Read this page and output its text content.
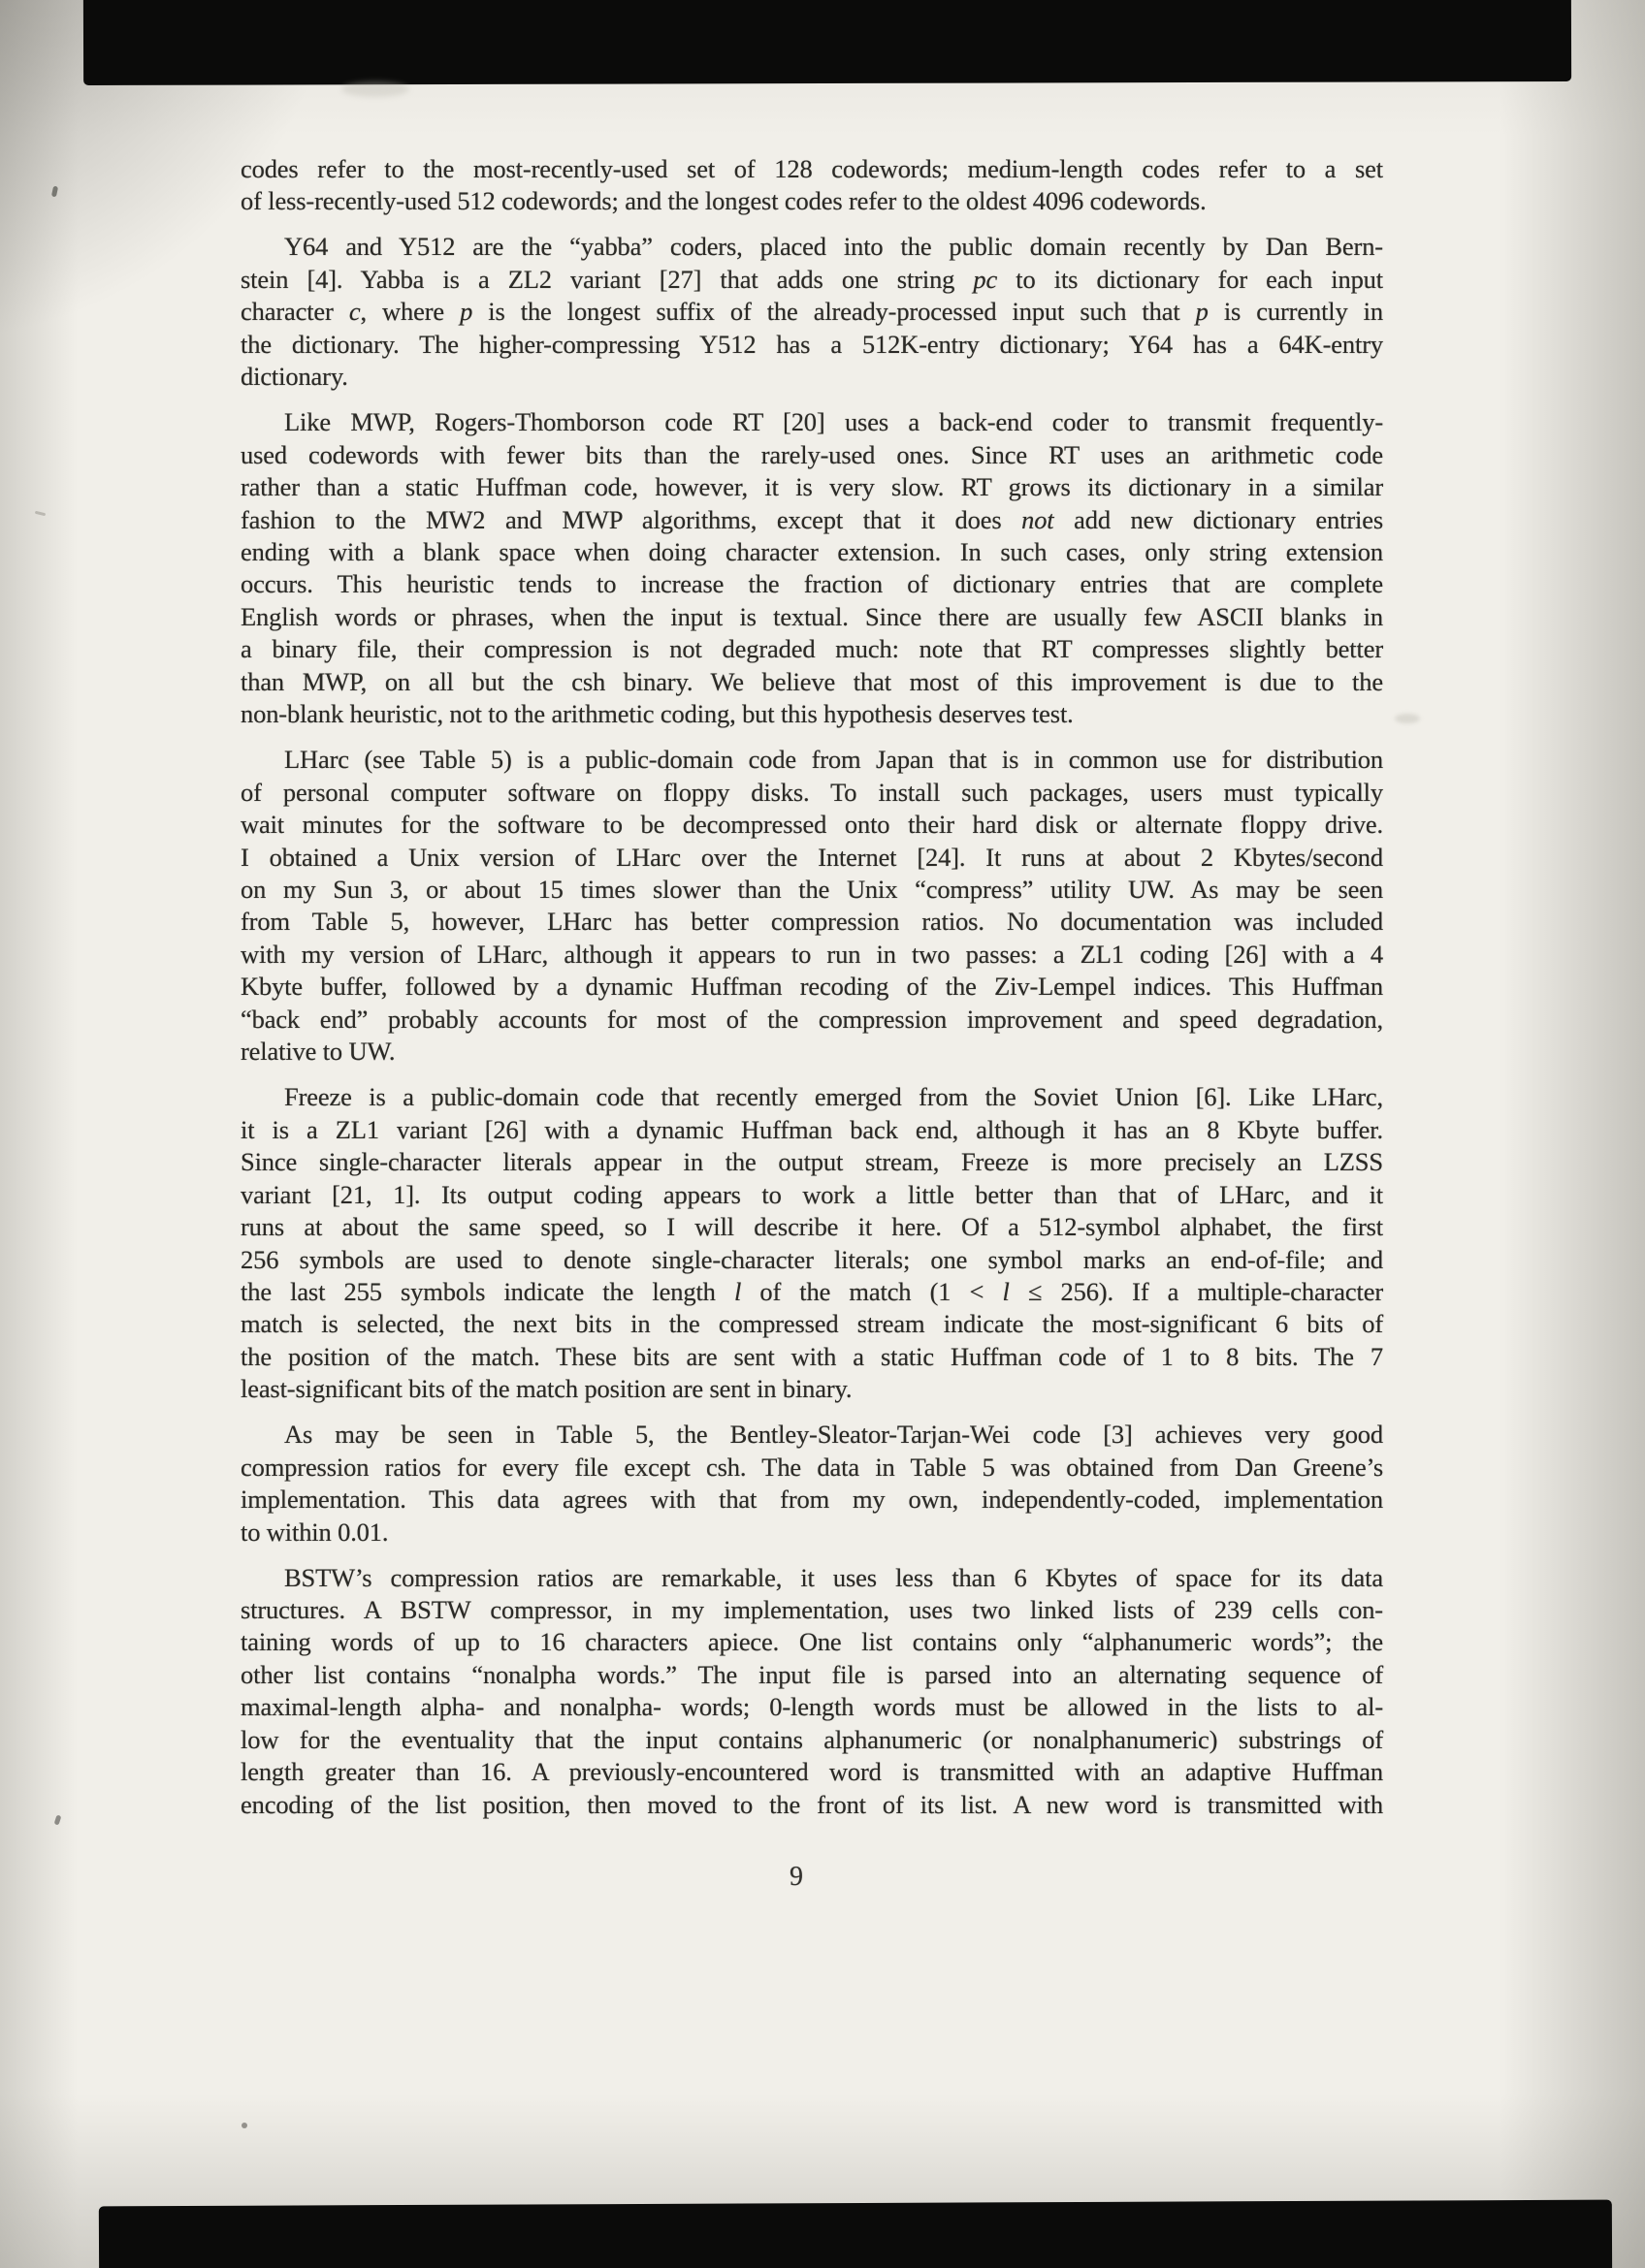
codes refer to the most-recently-used set of 128 codewords; medium-length codes refer to a set
of less-recently-used 512 codewords; and the longest codes refer to the oldest 4096 codewords.
Y64 and Y512 are the “yabba” coders, placed into the public domain recently by Dan Bern-
stein [4]. Yabba is a ZL2 variant [27] that adds one string pc to its dictionary for each input
character c, where p is the longest suffix of the already-processed input such that p is currently in
the dictionary. The higher-compressing Y512 has a 512K-entry dictionary; Y64 has a 64K-entry
dictionary.
Like MWP, Rogers-Thomborson code RT [20] uses a back-end coder to transmit frequently-
used codewords with fewer bits than the rarely-used ones. Since RT uses an arithmetic code
rather than a static Huffman code, however, it is very slow. RT grows its dictionary in a similar
fashion to the MW2 and MWP algorithms, except that it does not add new dictionary entries
ending with a blank space when doing character extension. In such cases, only string extension
occurs. This heuristic tends to increase the fraction of dictionary entries that are complete
English words or phrases, when the input is textual. Since there are usually few ASCII blanks in
a binary file, their compression is not degraded much: note that RT compresses slightly better
than MWP, on all but the csh binary. We believe that most of this improvement is due to the
non-blank heuristic, not to the arithmetic coding, but this hypothesis deserves test.
LHarc (see Table 5) is a public-domain code from Japan that is in common use for distribution
of personal computer software on floppy disks. To install such packages, users must typically
wait minutes for the software to be decompressed onto their hard disk or alternate floppy drive.
I obtained a Unix version of LHarc over the Internet [24]. It runs at about 2 Kbytes/second
on my Sun 3, or about 15 times slower than the Unix “compress” utility UW. As may be seen
from Table 5, however, LHarc has better compression ratios. No documentation was included
with my version of LHarc, although it appears to run in two passes: a ZL1 coding [26] with a 4
Kbyte buffer, followed by a dynamic Huffman recoding of the Ziv-Lempel indices. This Huffman
“back end” probably accounts for most of the compression improvement and speed degradation,
relative to UW.
Freeze is a public-domain code that recently emerged from the Soviet Union [6]. Like LHarc,
it is a ZL1 variant [26] with a dynamic Huffman back end, although it has an 8 Kbyte buffer.
Since single-character literals appear in the output stream, Freeze is more precisely an LZSS
variant [21, 1]. Its output coding appears to work a little better than that of LHarc, and it
runs at about the same speed, so I will describe it here. Of a 512-symbol alphabet, the first
256 symbols are used to denote single-character literals; one symbol marks an end-of-file; and
the last 255 symbols indicate the length l of the match (1 < l ≤ 256). If a multiple-character
match is selected, the next bits in the compressed stream indicate the most-significant 6 bits of
the position of the match. These bits are sent with a static Huffman code of 1 to 8 bits. The 7
least-significant bits of the match position are sent in binary.
As may be seen in Table 5, the Bentley-Sleator-Tarjan-Wei code [3] achieves very good
compression ratios for every file except csh. The data in Table 5 was obtained from Dan Greene’s
implementation. This data agrees with that from my own, independently-coded, implementation
to within 0.01.
BSTW’s compression ratios are remarkable, it uses less than 6 Kbytes of space for its data
structures. A BSTW compressor, in my implementation, uses two linked lists of 239 cells con-
taining words of up to 16 characters apiece. One list contains only “alphanumeric words”; the
other list contains “nonalpha words.” The input file is parsed into an alternating sequence of
maximal-length alpha- and nonalpha- words; 0-length words must be allowed in the lists to al-
low for the eventuality that the input contains alphanumeric (or nonalphanumeric) substrings of
length greater than 16. A previously-encountered word is transmitted with an adaptive Huffman
encoding of the list position, then moved to the front of its list. A new word is transmitted with
9
